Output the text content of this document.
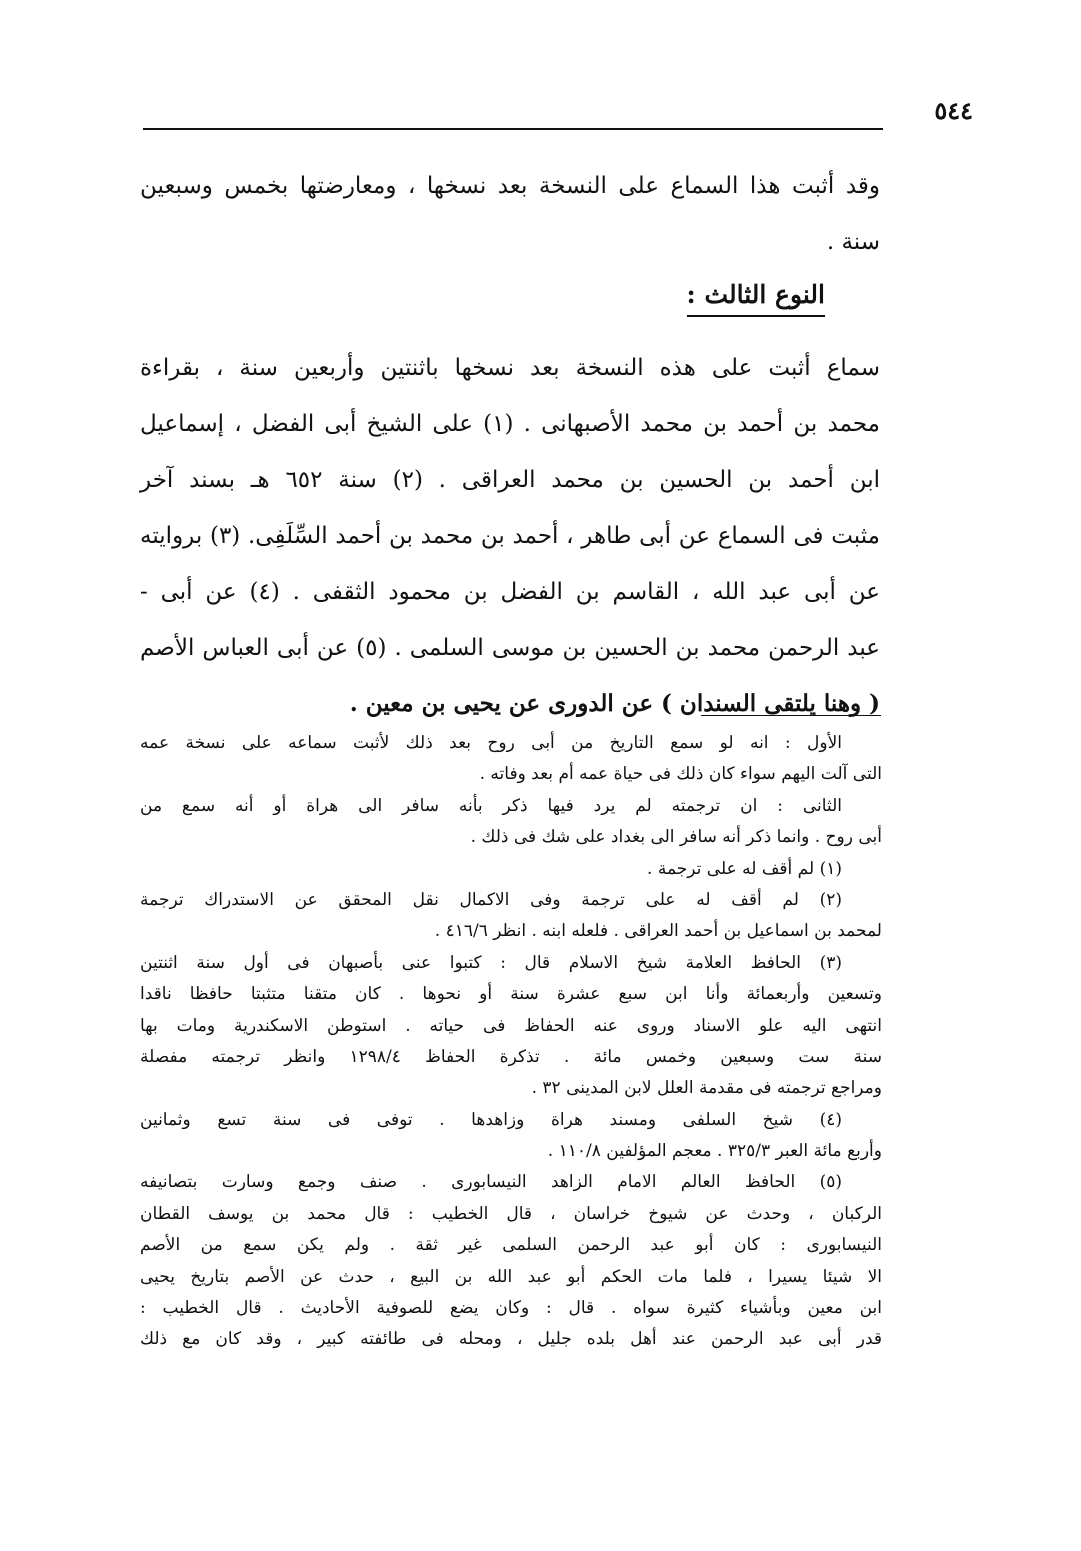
٥٤٤
وقد أثبت هذا السماع على النسخة بعد نسخها ، ومعارضتها بخمس وسبعين
سنة .
النوع الثالث :
سماع أثبت على هذه النسخة بعد نسخها باثنتين وأربعين سنة ، بقراءة
محمد بن أحمد بن محمد الأصبهانى . (١) على الشيخ أبى الفضل ، إسماعيل
ابن أحمد بن الحسين بن محمد العراقى . (٢) سنة ٦٥٢ هـ بسند آخر
مثبت فى السماع عن أبى طاهر ، أحمد بن محمد بن أحمد السِّلَفِى. (٣) بروايته
عن أبى عبد الله ، القاسم بن الفضل بن محمود الثقفى . (٤) عن أبى -
عبد الرحمن محمد بن الحسين بن موسى السلمى . (٥) عن أبى العباس الأصم
( وهنا يلتقى السندان ) عن الدورى عن يحيى بن معين .
الأول : انه لو سمع التاريخ من أبى روح بعد ذلك لأثبت سماعه على نسخة عمه
التى آلت اليهم سواء كان ذلك فى حياة عمه أم بعد وفاته .
الثانى : ان ترجمته لم يرد فيها ذكر بأنه سافر الى هراة أو أنه سمع من
أبى روح . وانما ذكر أنه سافر الى بغداد على شك فى ذلك .
(١) لم أقف له على ترجمة .
(٢) لم أقف له على ترجمة وفى الاكمال نقل المحقق عن الاستدراك ترجمة
لمحمد بن اسماعيل بن أحمد العراقى . فلعله ابنه . انظر ٤١٦/٦ .
(٣) الحافظ العلامة شيخ الاسلام قال : كتبوا عنى بأصبهان فى أول سنة اثنتين
وتسعين وأربعمائة وأنا ابن سبع عشرة سنة أو نحوها . كان متقنا متثبتا حافظا ناقدا
انتهى اليه علو الاسناد وروى عنه الحفاظ فى حياته . استوطن الاسكندرية ومات بها
سنة ست وسبعين وخمس مائة . تذكرة الحفاظ ١٢٩٨/٤ وانظر ترجمته مفصلة
ومراجع ترجمته فى مقدمة العلل لابن المدينى ٣٢ .
(٤) شيخ السلفى ومسند هراة وزاهدها . توفى فى سنة تسع وثمانين
وأربع مائة العبر ٣٢٥/٣ . معجم المؤلفين ١١٠/٨ .
(٥) الحافظ العالم الامام الزاهد النيسابورى . صنف وجمع وسارت بتصانيفه
الركبان ، وحدث عن شيوخ خراسان ، قال الخطيب : قال محمد بن يوسف القطان
النيسابورى : كان أبو عبد الرحمن السلمى غير ثقة . ولم يكن سمع من الأصم
الا شيئا يسيرا ، فلما مات الحكم أبو عبد الله بن البيع ، حدث عن الأصم بتاريخ يحيى
ابن معين وبأشياء كثيرة سواه . قال : وكان يضع للصوفية الأحاديث . قال الخطيب :
قدر أبى عبد الرحمن عند أهل بلده جليل ، ومحله فى طائفته كبير ، وقد كان مع ذلك
